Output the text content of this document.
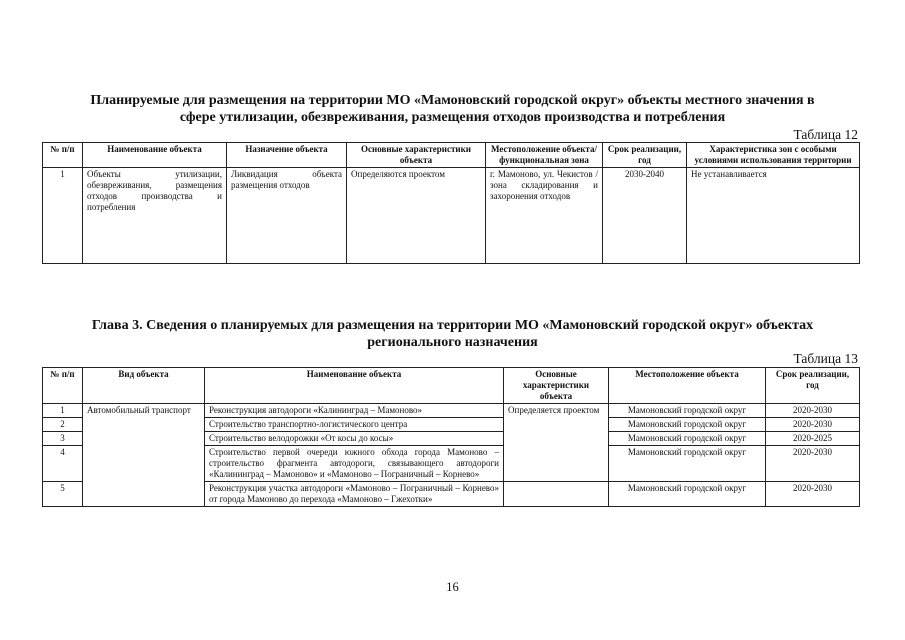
Планируемые для размещения на территории МО «Мамоновский городской округ» объекты местного значения в
сфере утилизации, обезвреживания, размещения отходов производства и потребления
Таблица 12
№ п/п	Наименование объекта	Назначение объекта	Основные характеристики объекта	Местоположение объекта/ функциональная зона	Срок реализации, год	Характеристика зон с особыми условиями использования территории
1	Объекты утилизации, обезвреживания, размещения отходов производства и потребления	Ликвидация объекта размещения отходов	Определяются проектом	г. Мамоново, ул. Чекистов / зона складирования и захоронения отходов	2030-2040	Не устанавливается
Глава 3. Сведения о планируемых для размещения на территории МО «Мамоновский городской округ» объектах
регионального назначения
Таблица 13
№ п/п	Вид объекта	Наименование объекта	Основные характеристики объекта	Местоположение объекта	Срок реализации, год
1	Автомобильный транспорт	Реконструкция автодороги «Калининград – Мамоново»	Определяется проектом	Мамоновский городской округ	2020-2030
2		Строительство транспортно-логистического центра		Мамоновский городской округ	2020-2030
3		Строительство велодорожки «От косы до косы»		Мамоновский городской округ	2020-2025
4		Строительство первой очереди южного обхода города Мамоново – строительство фрагмента автодороги, связывающего автодороги «Калининград – Мамоново» и «Мамоново – Пограничный – Корнево»		Мамоновский городской округ	2020-2030
5		Реконструкция участка автодороги «Мамоново – Пограничный – Корнево» от города Мамоново до перехода «Мамоново – Гжехотки»		Мамоновский городской округ	2020-2030
16
